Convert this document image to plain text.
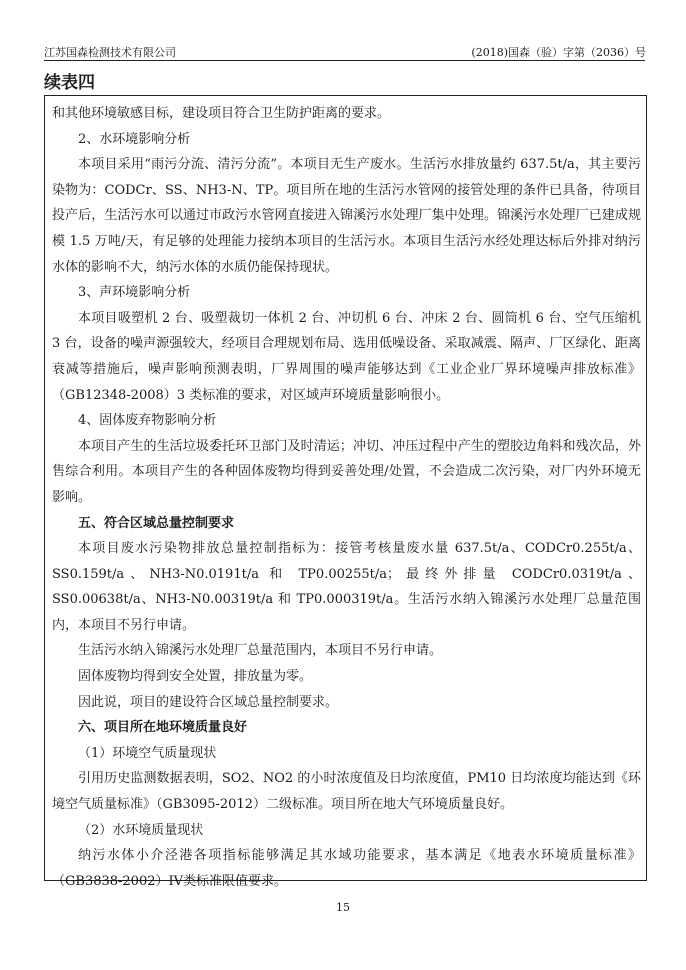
江苏国森检测技术有限公司	(2018)国森（验）字第（2036）号
续表四

和其他环境敏感目标，建设项目符合卫生防护距离的要求。

2、水环境影响分析

本项目采用“雨污分流、清污分流”。本项目无生产废水。生活污水排放量约 637.5t/a，其主要污染物为：CODCr、SS、NH3-N、TP。项目所在地的生活污水管网的接管处理的条件已具备，待项目投产后，生活污水可以通过市政污水管网直接进入锦溪污水处理厂集中处理。锦溪污水处理厂已建成规模 1.5 万吨/天，有足够的处理能力接纳本项目的生活污水。本项目生活污水经处理达标后外排对纳污水体的影响不大，纳污水体的水质仍能保持现状。

3、声环境影响分析

本项目吸塑机 2 台、吸塑裁切一体机 2 台、冲切机 6 台、冲床 2 台、圆筒机 6 台、空气压缩机 3 台，设备的噪声源强较大，经项目合理规划布局、选用低噪设备、采取减震、隔声、厂区绿化、距离衰减等措施后，噪声影响预测表明，厂界周围的噪声能够达到《工业企业厂界环境噪声排放标准》（GB12348-2008）3 类标准的要求，对区域声环境质量影响很小。

4、固体废弃物影响分析

本项目产生的生活垃圾委托环卫部门及时清运；冲切、冲压过程中产生的塑胶边角料和残次品，外售综合利用。本项目产生的各种固体废物均得到妥善处理/处置，不会造成二次污染，对厂内外环境无影响。

五、符合区域总量控制要求

本项目废水污染物排放总量控制指标为：接管考核量废水量 637.5t/a、CODCr0.255t/a、SS0.159t/a、NH3-N0.0191t/a 和 TP0.00255t/a；最终外排量 CODCr0.0319t/a、SS0.00638t/a、NH3-N0.00319t/a 和 TP0.000319t/a。生活污水纳入锦溪污水处理厂总量范围内，本项目不另行申请。

生活污水纳入锦溪污水处理厂总量范围内，本项目不另行申请。

固体废物均得到安全处置，排放量为零。

因此说，项目的建设符合区域总量控制要求。

六、项目所在地环境质量良好

（1）环境空气质量现状

引用历史监测数据表明，SO2、NO2 的小时浓度值及日均浓度值，PM10 日均浓度均能达到《环境空气质量标准》（GB3095-2012）二级标准。项目所在地大气环境质量良好。

（2）水环境质量现状

纳污水体小介泾港各项指标能够满足其水域功能要求，基本满足《地表水环境质量标准》（GB3838-2002）IV类标准限值要求。

15
